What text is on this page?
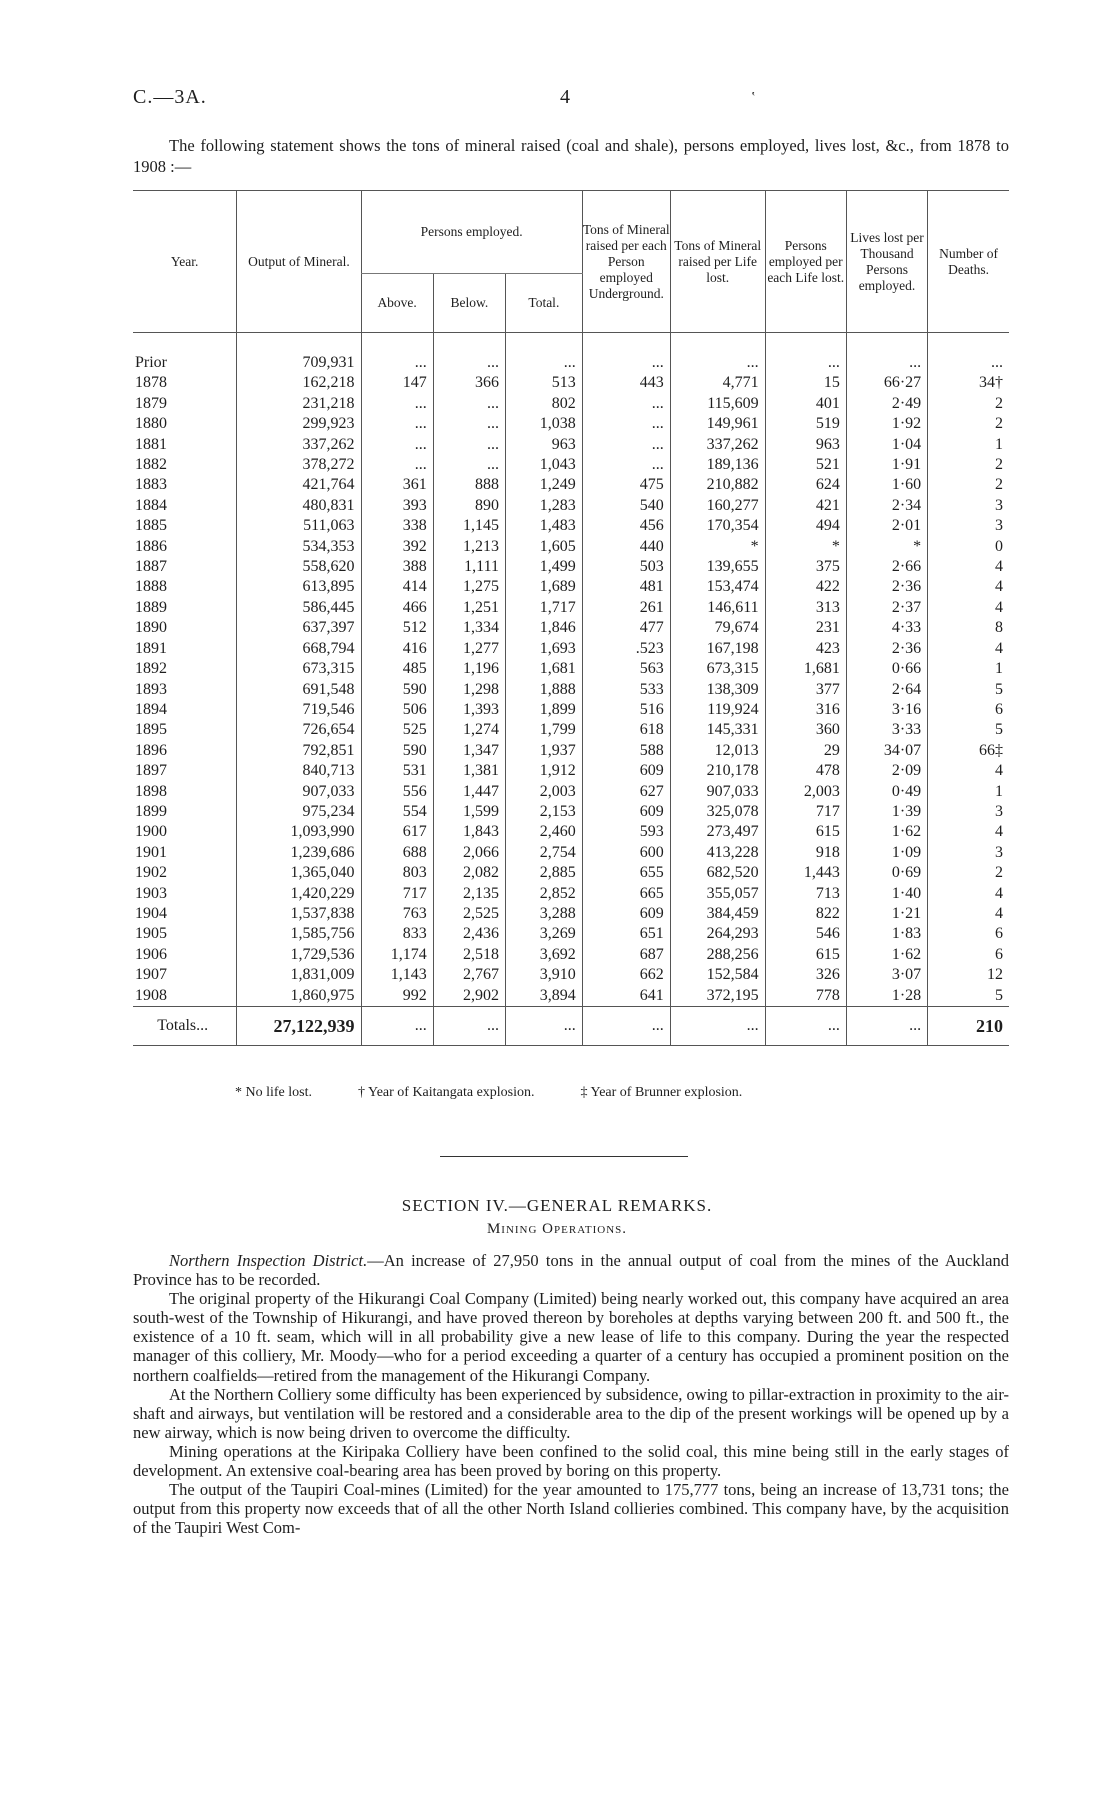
C.—3A.	4	‛
The following statement shows the tons of mineral raised (coal and shale), persons employed, lives lost, &c., from 1878 to 1908 :—
Year.	Output of Mineral.	Persons employed.			Tons of Mineral raised per each Person employed Underground.	Tons of Mineral raised per Life lost.	Persons employed per each Life lost.	Lives lost per Thousand Persons employed.	Number of Deaths.
		Above.	Below.	Total.					

Prior	709,931	...	...	...	...	...	...	...	...
1878	162,218	147	366	513	443	4,771	15	66·27	34†
1879	231,218	...	...	802	...	115,609	401	2·49	2
1880	299,923	...	...	1,038	...	149,961	519	1·92	2
1881	337,262	...	...	963	...	337,262	963	1·04	1
1882	378,272	...	...	1,043	...	189,136	521	1·91	2
1883	421,764	361	888	1,249	475	210,882	624	1·60	2
1884	480,831	393	890	1,283	540	160,277	421	2·34	3
1885	511,063	338	1,145	1,483	456	170,354	494	2·01	3
1886	534,353	392	1,213	1,605	440	*	*	*	0
1887	558,620	388	1,111	1,499	503	139,655	375	2·66	4
1888	613,895	414	1,275	1,689	481	153,474	422	2·36	4
1889	586,445	466	1,251	1,717	261	146,611	313	2·37	4
1890	637,397	512	1,334	1,846	477	79,674	231	4·33	8
1891	668,794	416	1,277	1,693	.523	167,198	423	2·36	4
1892	673,315	485	1,196	1,681	563	673,315	1,681	0·66	1
1893	691,548	590	1,298	1,888	533	138,309	377	2·64	5
1894	719,546	506	1,393	1,899	516	119,924	316	3·16	6
1895	726,654	525	1,274	1,799	618	145,331	360	3·33	5
1896	792,851	590	1,347	1,937	588	12,013	29	34·07	66‡
1897	840,713	531	1,381	1,912	609	210,178	478	2·09	4
1898	907,033	556	1,447	2,003	627	907,033	2,003	0·49	1
1899	975,234	554	1,599	2,153	609	325,078	717	1·39	3
1900	1,093,990	617	1,843	2,460	593	273,497	615	1·62	4
1901	1,239,686	688	2,066	2,754	600	413,228	918	1·09	3
1902	1,365,040	803	2,082	2,885	655	682,520	1,443	0·69	2
1903	1,420,229	717	2,135	2,852	665	355,057	713	1·40	4
1904	1,537,838	763	2,525	3,288	609	384,459	822	1·21	4
1905	1,585,756	833	2,436	3,269	651	264,293	546	1·83	6
1906	1,729,536	1,174	2,518	3,692	687	288,256	615	1·62	6
1907	1,831,009	1,143	2,767	3,910	662	152,584	326	3·07	12
1908	1,860,975	992	2,902	3,894	641	372,195	778	1·28	5
Totals...	27,122,939	...	...	...	...	...	...	...	210
* No life lost.	† Year of Kaitangata explosion.	‡ Year of Brunner explosion.
SECTION IV.—GENERAL REMARKS.
Mining Operations.

Northern Inspection District.—An increase of 27,950 tons in the annual output of coal from the mines of the Auckland Province has to be recorded.

The original property of the Hikurangi Coal Company (Limited) being nearly worked out, this company have acquired an area south-west of the Township of Hikurangi, and have proved thereon by boreholes at depths varying between 200 ft. and 500 ft., the existence of a 10 ft. seam, which will in all probability give a new lease of life to this company. During the year the respected manager of this colliery, Mr. Moody—who for a period exceeding a quarter of a century has occupied a prominent position on the northern coalfields—retired from the management of the Hikurangi Company.

At the Northern Colliery some difficulty has been experienced by subsidence, owing to pillar-extraction in proximity to the air-shaft and airways, but ventilation will be restored and a considerable area to the dip of the present workings will be opened up by a new airway, which is now being driven to overcome the difficulty.

Mining operations at the Kiripaka Colliery have been confined to the solid coal, this mine being still in the early stages of development. An extensive coal-bearing area has been proved by boring on this property.

The output of the Taupiri Coal-mines (Limited) for the year amounted to 175,777 tons, being an increase of 13,731 tons; the output from this property now exceeds that of all the other North Island collieries combined. This company have, by the acquisition of the Taupiri West Com-
